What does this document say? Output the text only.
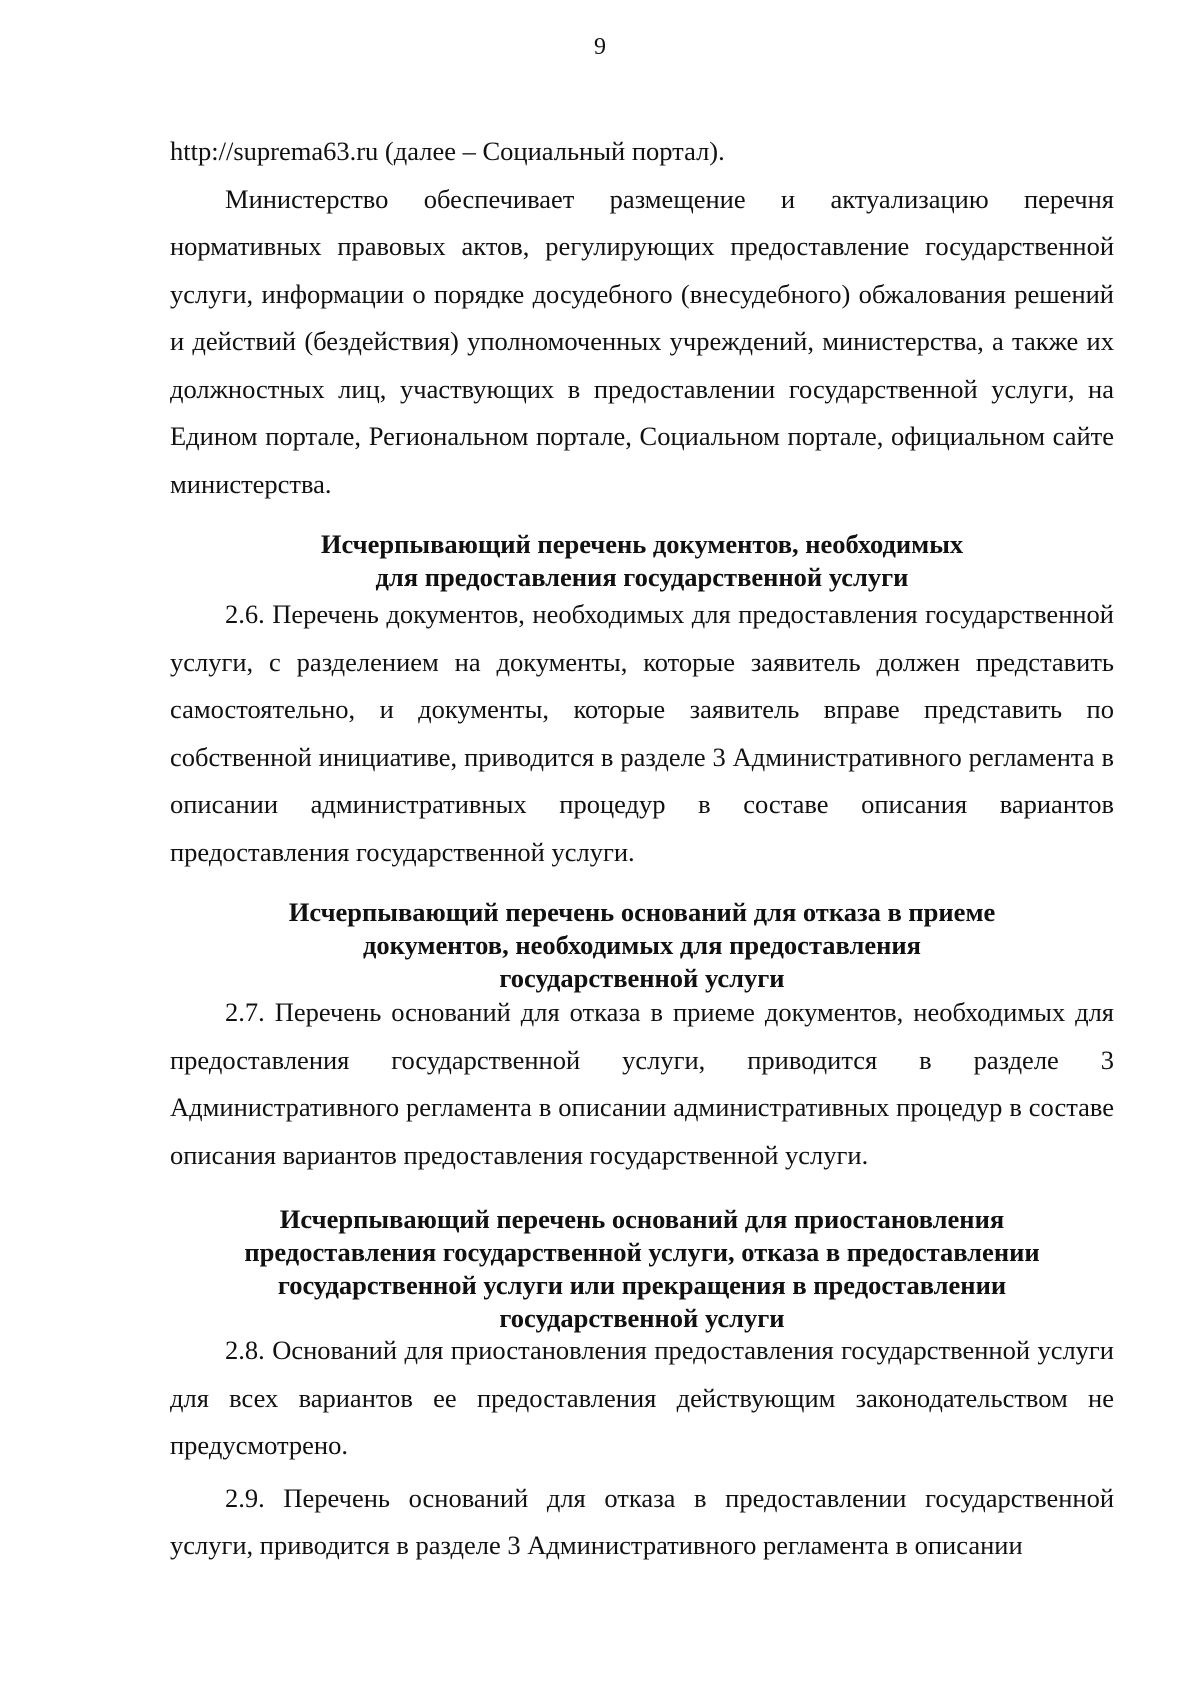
9

http://suprema63.ru (далее – Социальный портал).

Министерство обеспечивает размещение и актуализацию перечня нормативных правовых актов, регулирующих предоставление государственной услуги, информации о порядке досудебного (внесудебного) обжалования решений и действий (бездействия) уполномоченных учреждений, министерства, а также их должностных лиц, участвующих в предоставлении государственной услуги, на Едином портале, Региональном портале, Социальном портале, официальном сайте министерства.

Исчерпывающий перечень документов, необходимых
для предоставления государственной услуги

2.6. Перечень документов, необходимых для предоставления государственной услуги, с разделением на документы, которые заявитель должен представить самостоятельно, и документы, которые заявитель вправе представить по собственной инициативе, приводится в разделе 3 Административного регламента в описании административных процедур в составе описания вариантов предоставления государственной услуги.

Исчерпывающий перечень оснований для отказа в приеме
документов, необходимых для предоставления
государственной услуги

2.7. Перечень оснований для отказа в приеме документов, необходимых для предоставления государственной услуги, приводится в разделе 3 Административного регламента в описании административных процедур в составе описания вариантов предоставления государственной услуги.

Исчерпывающий перечень оснований для приостановления
предоставления государственной услуги, отказа в предоставлении
государственной услуги или прекращения в предоставлении
государственной услуги

2.8. Оснований для приостановления предоставления государственной услуги для всех вариантов ее предоставления действующим законодательством не предусмотрено.

2.9. Перечень оснований для отказа в предоставлении государственной услуги, приводится в разделе 3 Административного регламента в описании
